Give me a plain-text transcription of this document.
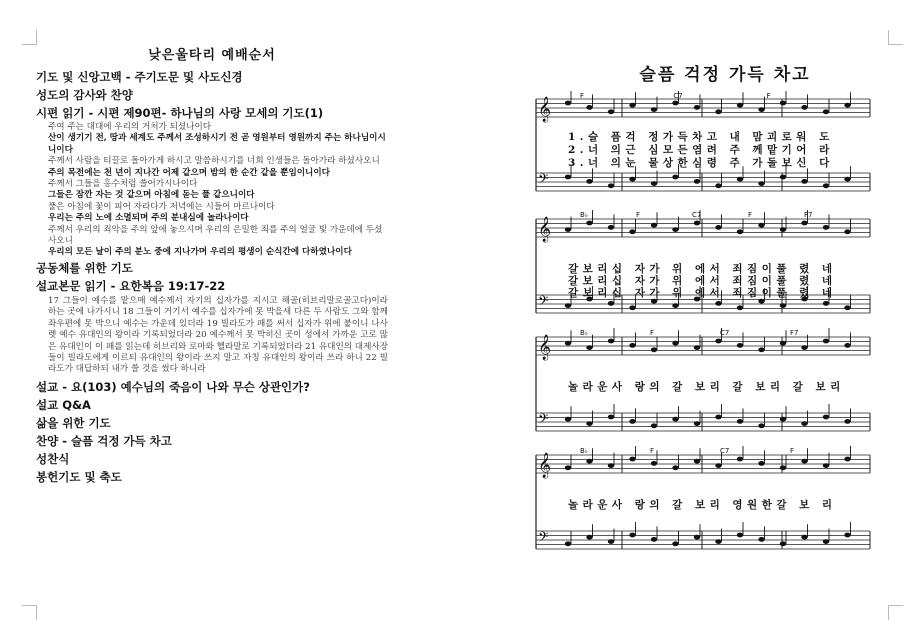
낮은울타리 예배순서
기도 및 신앙고백 - 주기도문 및 사도신경
성도의 감사와 찬양
시편 읽기 - 시편 제90편- 하나님의 사랑 모세의 기도(1)

주여 주는 대대에 우리의 거처가 되셨나이다

산이 생기기 전, 땅과 세계도 주께서 조성하시기 전 곧 영원부터 영원까지 주는 하나님이시니이다

주께서 사람을 티끌로 돌아가게 하시고 말씀하시기를 너희 인생들은 돌아가라 하셨사오니

주의 목전에는 천 년이 지나간 어제 같으며 밤의 한 순간 같을 뿐임이니이다

주께서 그들을 홍수처럼 쓸어가시나이다

그들은 잠깐 자는 것 같으며 아침에 돋는 풀 같으니이다

풀은 아침에 꽃이 피어 자라다가 저녁에는 시들어 마르나이다

우리는 주의 노에 소멸되며 주의 분내심에 놀라나이다

주께서 우리의 죄악을 주의 앞에 놓으시며 우리의 은밀한 죄를 주의 얼굴 빛 가운데에 두셨사오니

우리의 모든 날이 주의 분노 중에 지나가며 우리의 평생이 순식간에 다하였나이다

공동체를 위한 기도
설교본문 읽기 - 요한복음 19:17-22
17 그들이 예수를 맡으매 예수께서 자기의 십자가를 지시고 해골(히브리말로골고다)이라 하는 곳에 나가시니 18 그들이 거기서 예수를 십자가에 못 박을새 다른 두 사람도 그와 함께 좌우편에 못 박으니 예수는 가운데 있더라 19 빌라도가 패를 써서 십자가 위에 붙이니 나사렛 예수 유대인의 왕이라 기록되었더라 20 예수께서 못 박히신 곳이 성에서 가까운 고로 많은 유대인이 이 패를 읽는데 히브리와 로마와 헬라말로 기록되었더라 21 유대인의 대제사장들이 빌라도에게 이르되 유대인의 왕이라 쓰지 말고 자칭 유대인의 왕이라 쓰라 하니 22 빌라도가 대답하되 내가 쓸 것을 썼다 하니라
설교 - 요(103) 예수님의 죽음이 나와 무슨 상관인가?
설교 Q&A
삶을 위한 기도
찬양 - 슬픔 걱정 가득 차고
성찬식
봉헌기도 및 축도
슬픔 걱정 가득 차고
𝄞
𝄢
F	C7	F
1.슬 픔걱 정가득차고 내 맘괴로워 도
2.너 의근 심모든염려 주 께맡기어 라
3.너 의눈 물상한심령 주 가돌보신 다
𝄞
𝄢
B♭	F	C7	F	F7
갈보리십 자가 위 에서 죄짐이풀 렸 네
갈보리십 자가 위 에서 죄짐이풀 렸 네
갈보리십 자가 위 에서 죄짐이풀 렸 네
𝄞
𝄢
B♭	F	C7	F7
놀라운사 랑의 갈 보리 갈 보리 갈 보리
𝄞
𝄢
B♭	F	C7	F
놀라운사 랑의 갈 보리 영원한갈 보 리
